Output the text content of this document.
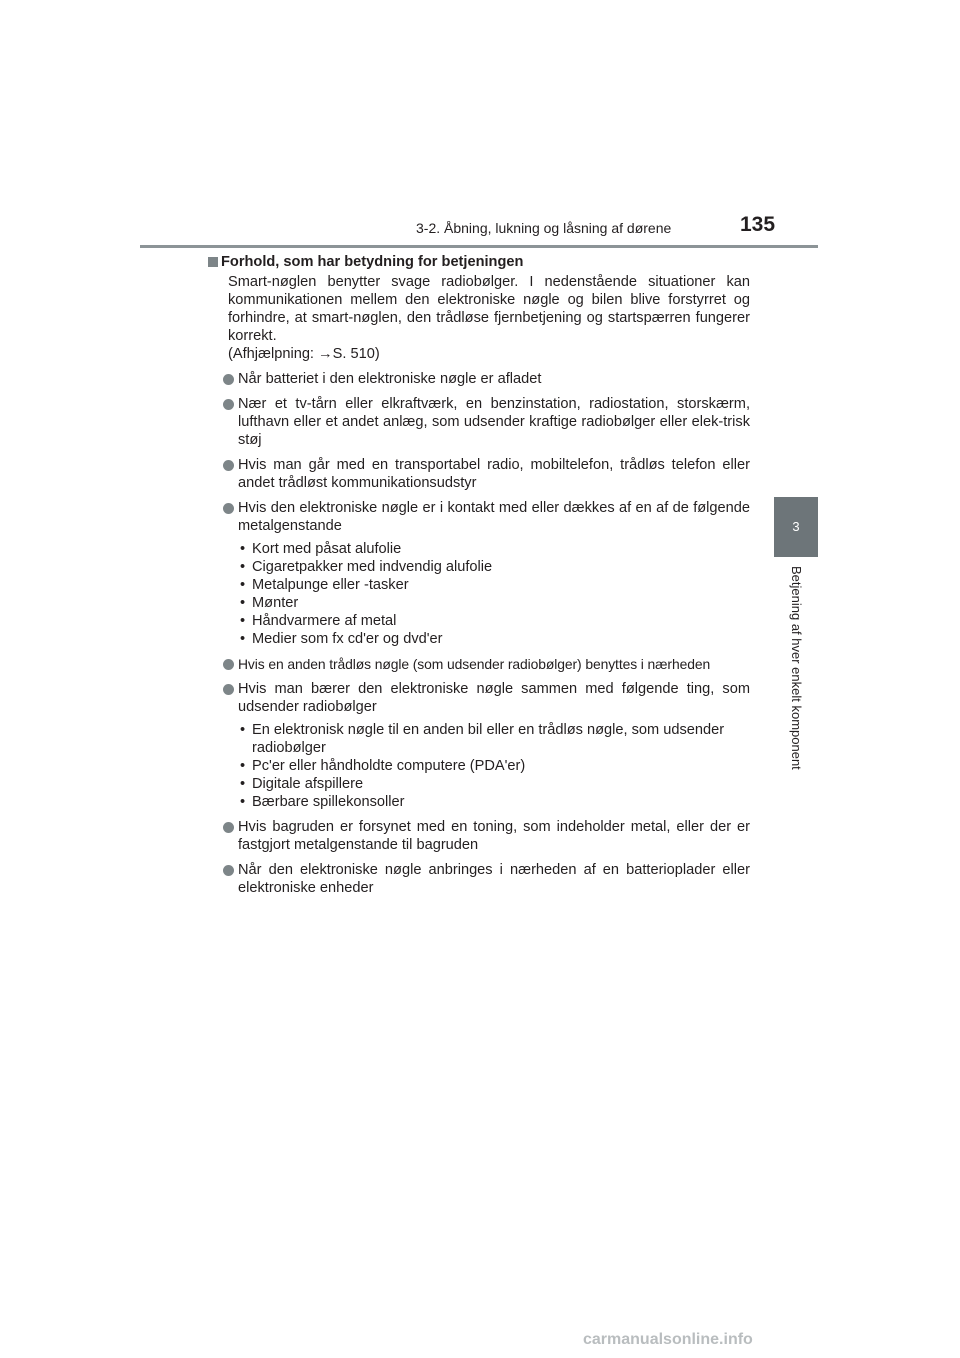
3-2. Åbning, lukning og låsning af dørene	135
3
Betjening af hver enkelt komponent
Forhold, som har betydning for betjeningen

Smart-nøglen benytter svage radiobølger. I nedenstående situationer kan kommunikationen mellem den elektroniske nøgle og bilen blive forstyrret og forhindre, at smart-nøglen, den trådløse fjernbetjening og startspærren fungerer korrekt.

(Afhjælpning: →S. 510)

Når batteriet i den elektroniske nøgle er afladet
Nær et tv-tårn eller elkraftværk, en benzinstation, radiostation, storskærm, lufthavn eller et andet anlæg, som udsender kraftige radiobølger eller elek-trisk støj
Hvis man går med en transportabel radio, mobiltelefon, trådløs telefon eller andet trådløst kommunikationsudstyr
Hvis den elektroniske nøgle er i kontakt med eller dækkes af en af de følgende metalgenstande
• Kort med påsat alufolie
• Cigaretpakker med indvendig alufolie
• Metalpunge eller -tasker
• Mønter
• Håndvarmere af metal
• Medier som fx cd'er og dvd'er
Hvis en anden trådløs nøgle (som udsender radiobølger) benyttes i nærheden
Hvis man bærer den elektroniske nøgle sammen med følgende ting, som udsender radiobølger
• En elektronisk nøgle til en anden bil eller en trådløs nøgle, som udsender radiobølger
• Pc'er eller håndholdte computere (PDA'er)
• Digitale afspillere
• Bærbare spillekonsoller
Hvis bagruden er forsynet med en toning, som indeholder metal, eller der er fastgjort metalgenstande til bagruden
Når den elektroniske nøgle anbringes i nærheden af en batterioplader eller elektroniske enheder
carmanualsonline.info
